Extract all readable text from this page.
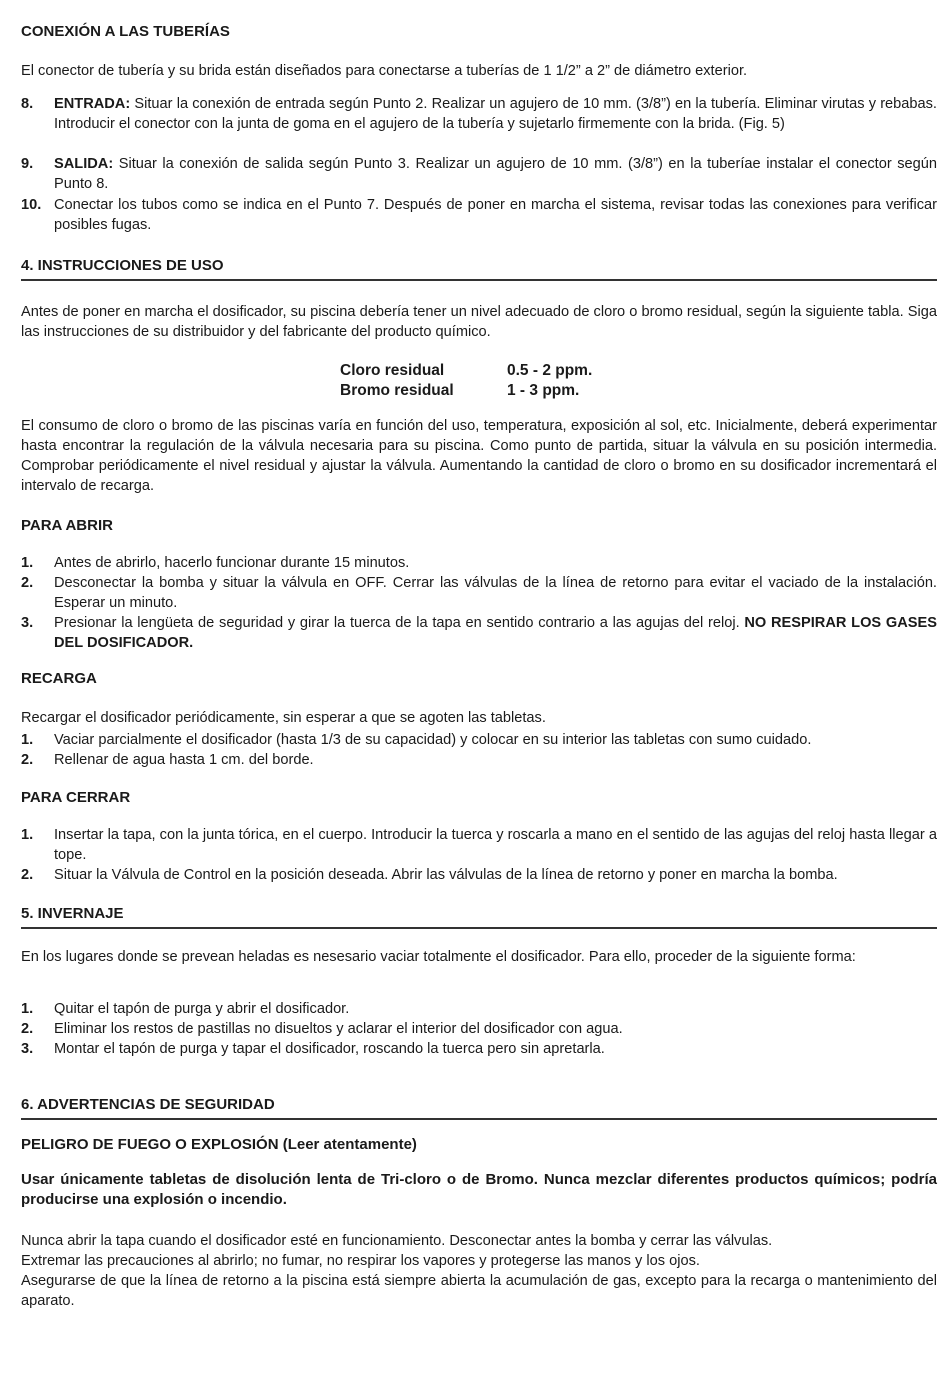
CONEXIÓN A LAS TUBERÍAS

El conector de tubería y su brida están diseñados para conectarse a tuberías de 1 1/2” a 2” de diámetro exterior.

8. ENTRADA: Situar la conexión de entrada según Punto 2. Realizar un agujero de 10 mm. (3/8”) en la tubería. Eliminar virutas y rebabas. Introducir el conector con la junta de goma en el agujero de la tubería y sujetarlo firmemente con la brida. (Fig. 5)

9. SALIDA: Situar la conexión de salida según Punto 3. Realizar un agujero de 10 mm. (3/8”) en la tuberíae instalar el conector según Punto 8.

10. Conectar los tubos como se indica en el Punto 7. Después de poner en marcha el sistema, revisar todas las conexiones para verificar posibles fugas.

4. INSTRUCCIONES DE USO

Antes de poner en marcha el dosificador, su piscina debería tener un nivel adecuado de cloro o bromo residual, según la siguiente tabla. Siga las instrucciones de su distribuidor y del fabricante del producto químico.

Cloro residual	0.5 - 2 ppm.
Bromo residual	1 - 3 ppm.

El consumo de cloro o bromo de las piscinas varía en función del uso, temperatura, exposición al sol, etc. Inicialmente, deberá experimentar hasta encontrar la regulación de la válvula necesaria para su piscina. Como punto de partida, situar la válvula en su posición intermedia. Comprobar periódicamente el nivel residual y ajustar la válvula. Aumentando la cantidad de cloro o bromo en su dosificador incrementará el intervalo de recarga.

PARA ABRIR
1. Antes de abrirlo, hacerlo funcionar durante 15 minutos.

2. Desconectar la bomba y situar la válvula en OFF. Cerrar las válvulas de la línea de retorno para evitar el vaciado de la instalación. Esperar un minuto.

3. Presionar la lengüeta de seguridad y girar la tuerca de la tapa en sentido contrario a las agujas del reloj. NO RESPIRAR LOS GASES DEL DOSIFICADOR.

RECARGA

Recargar el dosificador periódicamente, sin esperar a que se agoten las tabletas.

1. Vaciar parcialmente el dosificador (hasta 1/3 de su capacidad) y colocar en su interior las tabletas con sumo cuidado.

2. Rellenar de agua hasta 1 cm. del borde.

PARA CERRAR
1. Insertar la tapa, con la junta tórica, en el cuerpo. Introducir la tuerca y roscarla a mano en el sentido de las agujas del reloj hasta llegar a tope.

2. Situar la Válvula de Control en la posición deseada. Abrir las válvulas de la línea de retorno y poner en marcha la bomba.

5. INVERNAJE

En los lugares donde se prevean heladas es nesesario vaciar totalmente el dosificador. Para ello, proceder de la siguiente forma:

1. Quitar el tapón de purga y abrir el dosificador.

2. Eliminar los restos de pastillas no disueltos y aclarar el interior del dosificador con agua.

3. Montar el tapón de purga y tapar el dosificador, roscando la tuerca pero sin apretarla.

6. ADVERTENCIAS DE SEGURIDAD
PELIGRO DE FUEGO O EXPLOSIÓN (Leer atentamente)

Usar únicamente tabletas de disolución lenta de Tri-cloro o de Bromo. Nunca mezclar diferentes productos químicos; podría producirse una explosión o incendio.

Nunca abrir la tapa cuando el dosificador esté en funcionamiento. Desconectar antes la bomba y cerrar las válvulas.

Extremar las precauciones al abrirlo; no fumar, no respirar los vapores y protegerse las manos y los ojos.

Asegurarse de que la línea de retorno a la piscina está siempre abierta la acumulación de gas, excepto para la recarga o mantenimiento del aparato.
